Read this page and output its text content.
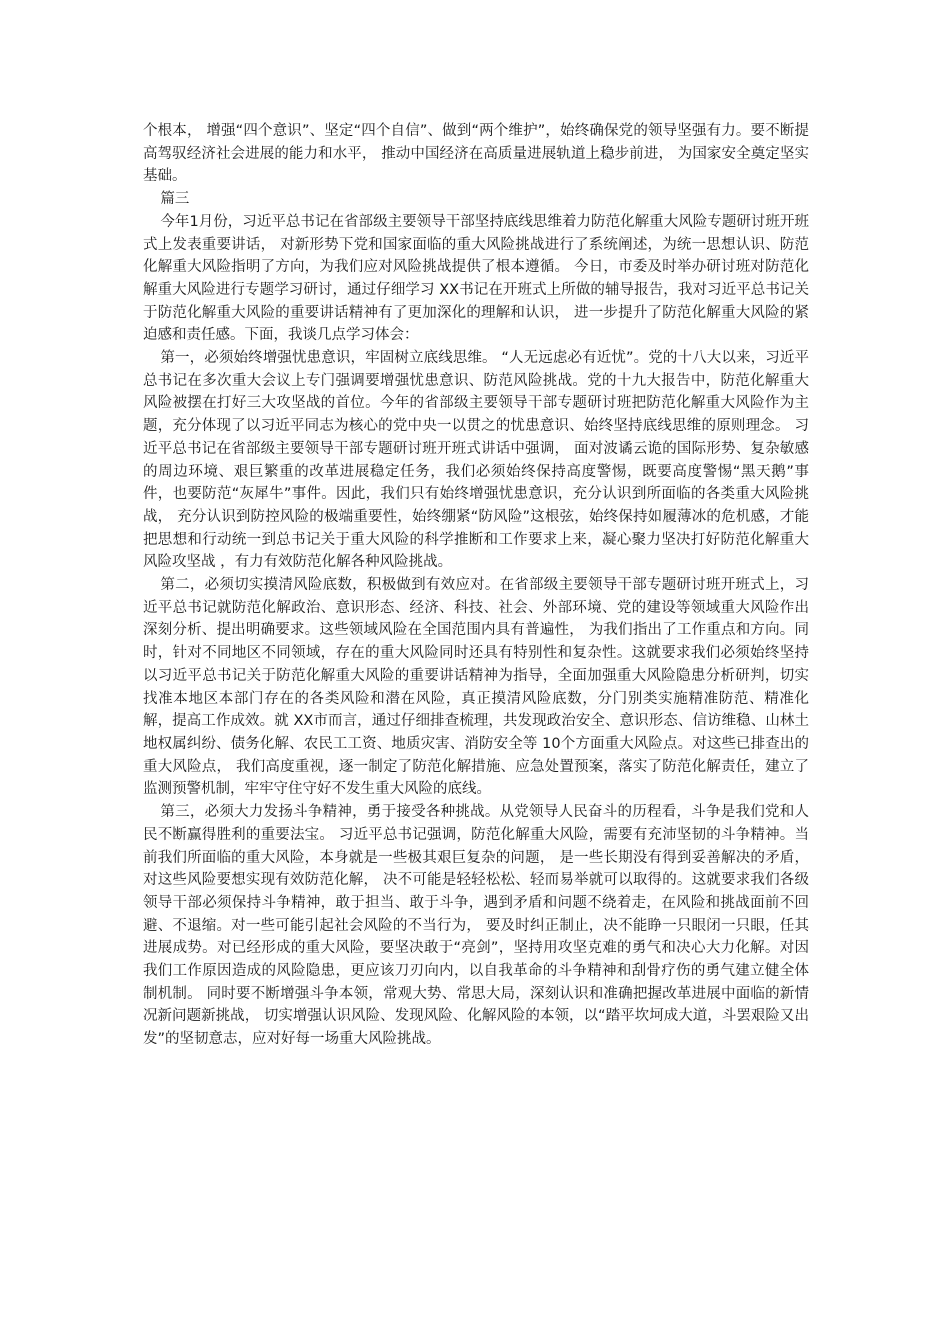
个根本， 增强“四个意识”、坚定“四个自信”、做到“两个维护”，始终确保党的领导坚强有力。要不断提高驾驭经济社会进展的能力和水平， 推动中国经济在高质量进展轨道上稳步前进， 为国家安全奠定坚实基础。

篇三

今年1月份，习近平总书记在省部级主要领导干部坚持底线思维着力防范化解重大风险专题研讨班开班式上发表重要讲话， 对新形势下党和国家面临的重大风险挑战进行了系统阐述，为统一思想认识、防范化解重大风险指明了方向，为我们应对风险挑战提供了根本遵循。 今日，市委及时举办研讨班对防范化解重大风险进行专题学习研讨，通过仔细学习 XX书记在开班式上所做的辅导报告，我对习近平总书记关于防范化解重大风险的重要讲话精神有了更加深化的理解和认识， 进一步提升了防范化解重大风险的紧迫感和责任感。下面，我谈几点学习体会：

第一，必须始终增强忧患意识，牢固树立底线思维。 “人无远虑必有近忧”。党的十八大以来，习近平总书记在多次重大会议上专门强调要增强忧患意识、防范风险挑战。党的十九大报告中，防范化解重大风险被摆在打好三大攻坚战的首位。今年的省部级主要领导干部专题研讨班把防范化解重大风险作为主题，充分体现了以习近平同志为核心的党中央一以贯之的忧患意识、始终坚持底线思维的原则理念。 习近平总书记在省部级主要领导干部专题研讨班开班式讲话中强调， 面对波谲云诡的国际形势、复杂敏感的周边环境、艰巨繁重的改革进展稳定任务，我们必须始终保持高度警惕，既要高度警惕“黑天鹅”事件，也要防范“灰犀牛”事件。因此，我们只有始终增强忧患意识，充分认识到所面临的各类重大风险挑战， 充分认识到防控风险的极端重要性，始终绷紧“防风险”这根弦，始终保持如履薄冰的危机感，才能把思想和行动统一到总书记关于重大风险的科学推断和工作要求上来，凝心聚力坚决打好防范化解重大风险攻坚战 ，有力有效防范化解各种风险挑战。

第二，必须切实摸清风险底数，积极做到有效应对。在省部级主要领导干部专题研讨班开班式上，习近平总书记就防范化解政治、意识形态、经济、科技、社会、外部环境、党的建设等领域重大风险作出深刻分析、提出明确要求。这些领域风险在全国范围内具有普遍性， 为我们指出了工作重点和方向。同时，针对不同地区不同领域，存在的重大风险同时还具有特别性和复杂性。这就要求我们必须始终坚持以习近平总书记关于防范化解重大风险的重要讲话精神为指导，全面加强重大风险隐患分析研判，切实找准本地区本部门存在的各类风险和潜在风险，真正摸清风险底数，分门别类实施精准防范、精准化解，提高工作成效。就 XX市而言，通过仔细排查梳理，共发现政治安全、意识形态、信访维稳、山林土地权属纠纷、债务化解、农民工工资、地质灾害、消防安全等 10个方面重大风险点。对这些已排查出的重大风险点， 我们高度重视，逐一制定了防范化解措施、应急处置预案，落实了防范化解责任，建立了监测预警机制，牢牢守住守好不发生重大风险的底线。

第三，必须大力发扬斗争精神，勇于接受各种挑战。从党领导人民奋斗的历程看，斗争是我们党和人民不断赢得胜利的重要法宝。 习近平总书记强调，防范化解重大风险，需要有充沛坚韧的斗争精神。当前我们所面临的重大风险，本身就是一些极其艰巨复杂的问题， 是一些长期没有得到妥善解决的矛盾，对这些风险要想实现有效防范化解， 决不可能是轻轻松松、轻而易举就可以取得的。这就要求我们各级领导干部必须保持斗争精神，敢于担当、敢于斗争，遇到矛盾和问题不绕着走，在风险和挑战面前不回避、不退缩。对一些可能引起社会风险的不当行为， 要及时纠正制止，决不能睁一只眼闭一只眼，任其进展成势。对已经形成的重大风险，要坚决敢于“亮剑”，坚持用攻坚克难的勇气和决心大力化解。对因我们工作原因造成的风险隐患，更应该刀刃向内，以自我革命的斗争精神和刮骨疗伤的勇气建立健全体制机制。 同时要不断增强斗争本领，常观大势、常思大局，深刻认识和准确把握改革进展中面临的新情况新问题新挑战， 切实增强认识风险、发现风险、化解风险的本领，以“踏平坎坷成大道，斗罢艰险又出发”的坚韧意志，应对好每一场重大风险挑战。
